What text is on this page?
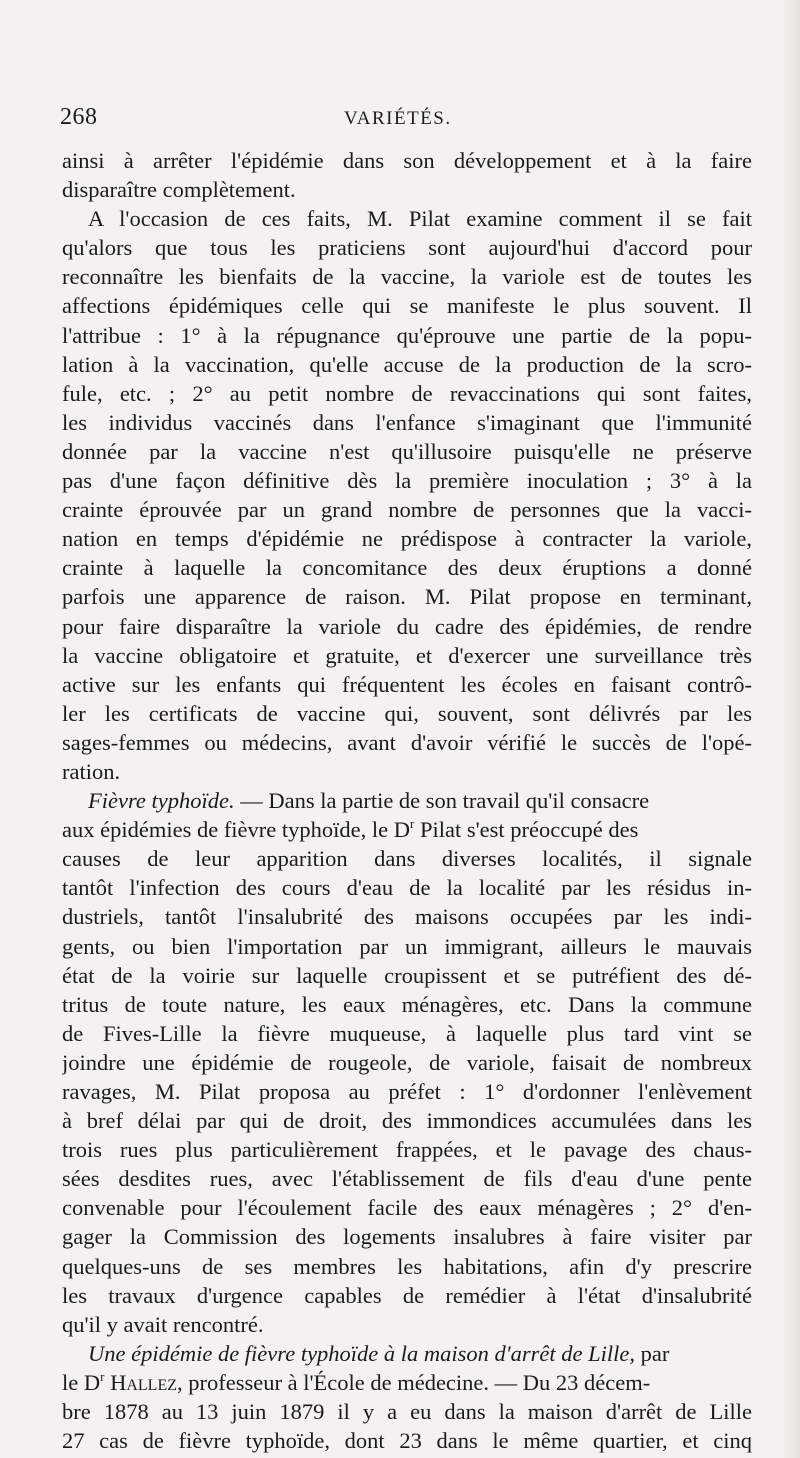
268	VARIÉTÉS.
ainsi à arrêter l'épidémie dans son développement et à la faire
disparaître complètement.
A l'occasion de ces faits, M. Pilat examine comment il se fait
qu'alors que tous les praticiens sont aujourd'hui d'accord pour
reconnaître les bienfaits de la vaccine, la variole est de toutes les
affections épidémiques celle qui se manifeste le plus souvent. Il
l'attribue : 1° à la répugnance qu'éprouve une partie de la popu-
lation à la vaccination, qu'elle accuse de la production de la scro-
fule, etc. ; 2° au petit nombre de revaccinations qui sont faites,
les individus vaccinés dans l'enfance s'imaginant que l'immunité
donnée par la vaccine n'est qu'illusoire puisqu'elle ne préserve
pas d'une façon définitive dès la première inoculation ; 3° à la
crainte éprouvée par un grand nombre de personnes que la vacci-
nation en temps d'épidémie ne prédispose à contracter la variole,
crainte à laquelle la concomitance des deux éruptions a donné
parfois une apparence de raison. M. Pilat propose en terminant,
pour faire disparaître la variole du cadre des épidémies, de rendre
la vaccine obligatoire et gratuite, et d'exercer une surveillance très
active sur les enfants qui fréquentent les écoles en faisant contrô-
ler les certificats de vaccine qui, souvent, sont délivrés par les
sages-femmes ou médecins, avant d'avoir vérifié le succès de l'opé-
ration.
Fièvre typhoïde. — Dans la partie de son travail qu'il consacre
aux épidémies de fièvre typhoïde, le $D^r$ Pilat s'est préoccupé des
causes de leur apparition dans diverses localités, il signale
tantôt l'infection des cours d'eau de la localité par les résidus in-
dustriels, tantôt l'insalubrité des maisons occupées par les indi-
gents, ou bien l'importation par un immigrant, ailleurs le mauvais
état de la voirie sur laquelle croupissent et se putréfient des dé-
tritus de toute nature, les eaux ménagères, etc. Dans la commune
de Fives-Lille la fièvre muqueuse, à laquelle plus tard vint se
joindre une épidémie de rougeole, de variole, faisait de nombreux
ravages, M. Pilat proposa au préfet : 1° d'ordonner l'enlèvement
à bref délai par qui de droit, des immondices accumulées dans les
trois rues plus particulièrement frappées, et le pavage des chaus-
sées desdites rues, avec l'établissement de fils d'eau d'une pente
convenable pour l'écoulement facile des eaux ménagères ; 2° d'en-
gager la Commission des logements insalubres à faire visiter par
quelques-uns de ses membres les habitations, afin d'y prescrire
les travaux d'urgence capables de remédier à l'état d'insalubrité
qu'il y avait rencontré.
Une épidémie de fièvre typhoïde à la maison d'arrêt de Lille, par
le $D^r$ Hallez, professeur à l'École de médecine. — Du 23 décem-
bre 1878 au 13 juin 1879 il y a eu dans la maison d'arrêt de Lille
27 cas de fièvre typhoïde, dont 23 dans le même quartier, et cinq
